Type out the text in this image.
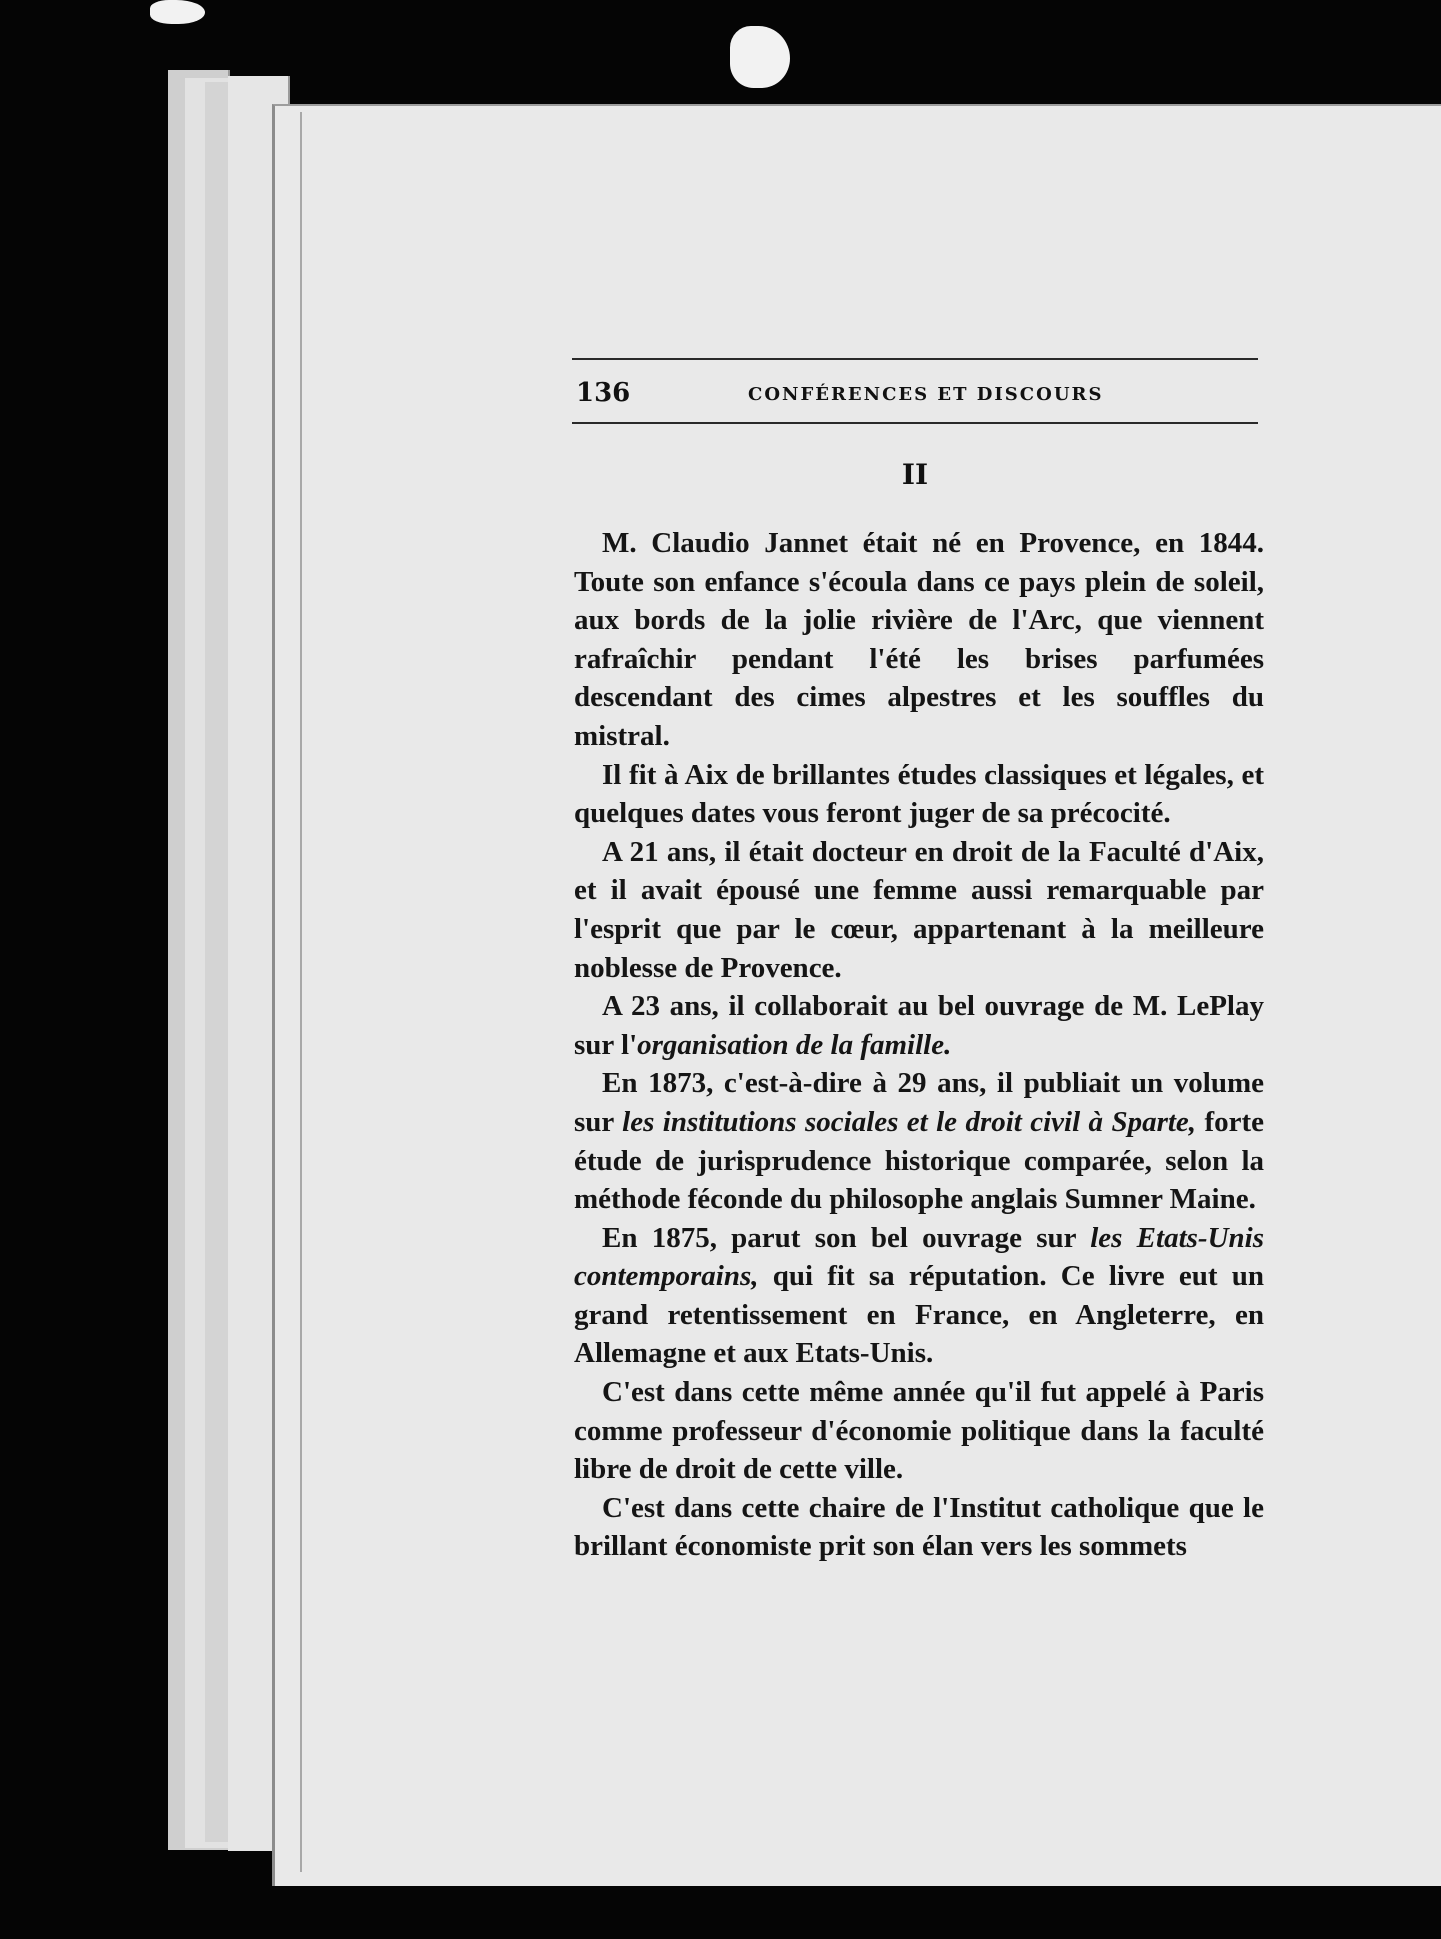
136	CONFÉRENCES ET DISCOURS
II

M. Claudio Jannet était né en Provence, en 1844. Toute son enfance s'écoula dans ce pays plein de soleil, aux bords de la jolie rivière de l'Arc, que viennent rafraîchir pendant l'été les brises parfumées descendant des cimes alpestres et les souffles du mistral.

Il fit à Aix de brillantes études classiques et légales, et quelques dates vous feront juger de sa précocité.

A 21 ans, il était docteur en droit de la Faculté d'Aix, et il avait épousé une femme aussi remarquable par l'esprit que par le cœur, appartenant à la meilleure noblesse de Provence.

A 23 ans, il collaborait au bel ouvrage de M. LePlay sur l'organisation de la famille.

En 1873, c'est-à-dire à 29 ans, il publiait un volume sur les institutions sociales et le droit civil à Sparte, forte étude de jurisprudence historique comparée, selon la méthode féconde du philosophe anglais Sumner Maine.

En 1875, parut son bel ouvrage sur les Etats-Unis contemporains, qui fit sa réputation. Ce livre eut un grand retentissement en France, en Angleterre, en Allemagne et aux Etats-Unis.

C'est dans cette même année qu'il fut appelé à Paris comme professeur d'économie politique dans la faculté libre de droit de cette ville.

C'est dans cette chaire de l'Institut catholique que le brillant économiste prit son élan vers les sommets
